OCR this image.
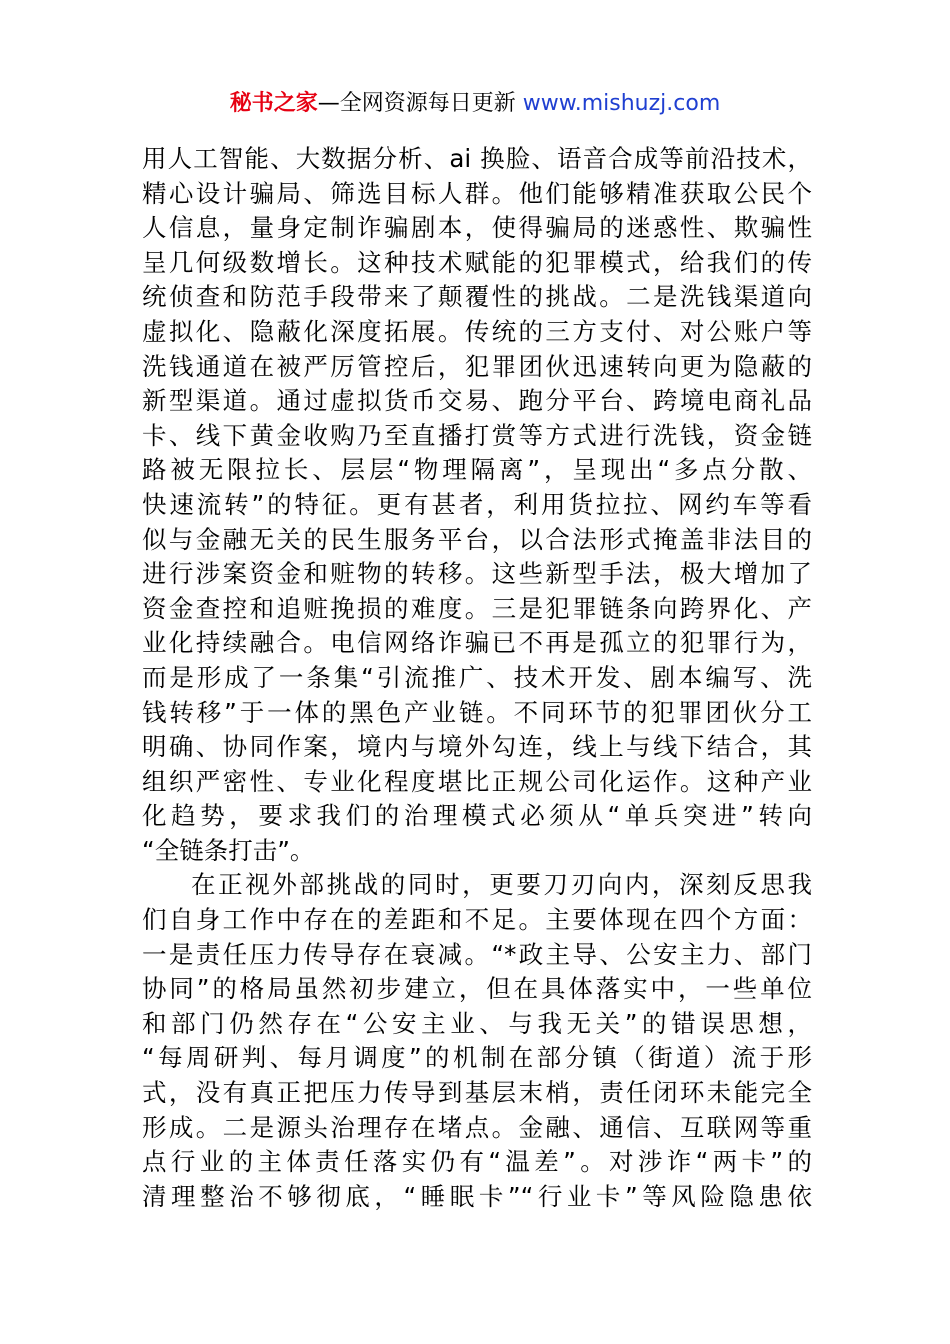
秘书之家—全网资源每日更新 www.mishuzj.com
用人工智能、大数据分析、ai 换脸、语音合成等前沿技术，
精心设计骗局、筛选目标人群。他们能够精准获取公民个
人信息，量身定制诈骗剧本，使得骗局的迷惑性、欺骗性
呈几何级数增长。这种技术赋能的犯罪模式，给我们的传
统侦查和防范手段带来了颠覆性的挑战。二是洗钱渠道向
虚拟化、隐蔽化深度拓展。传统的三方支付、对公账户等
洗钱通道在被严厉管控后，犯罪团伙迅速转向更为隐蔽的
新型渠道。通过虚拟货币交易、跑分平台、跨境电商礼品
卡、线下黄金收购乃至直播打赏等方式进行洗钱，资金链
路被无限拉长、层层“物理隔离”，呈现出“多点分散、
快速流转”的特征。更有甚者，利用货拉拉、网约车等看
似与金融无关的民生服务平台，以合法形式掩盖非法目的
进行涉案资金和赃物的转移。这些新型手法，极大增加了
资金查控和追赃挽损的难度。三是犯罪链条向跨界化、产
业化持续融合。电信网络诈骗已不再是孤立的犯罪行为，
而是形成了一条集“引流推广、技术开发、剧本编写、洗
钱转移”于一体的黑色产业链。不同环节的犯罪团伙分工
明确、协同作案，境内与境外勾连，线上与线下结合，其
组织严密性、专业化程度堪比正规公司化运作。这种产业
化趋势，要求我们的治理模式必须从“单兵突进”转向
“全链条打击”。
在正视外部挑战的同时，更要刀刃向内，深刻反思我
们自身工作中存在的差距和不足。主要体现在四个方面：
一是责任压力传导存在衰减。“*政主导、公安主力、部门
协同”的格局虽然初步建立，但在具体落实中，一些单位
和部门仍然存在“公安主业、与我无关”的错误思想，
“每周研判、每月调度”的机制在部分镇（街道）流于形
式，没有真正把压力传导到基层末梢，责任闭环未能完全
形成。二是源头治理存在堵点。金融、通信、互联网等重
点行业的主体责任落实仍有“温差”。对涉诈“两卡”的
清理整治不够彻底，“睡眠卡”“行业卡”等风险隐患依
